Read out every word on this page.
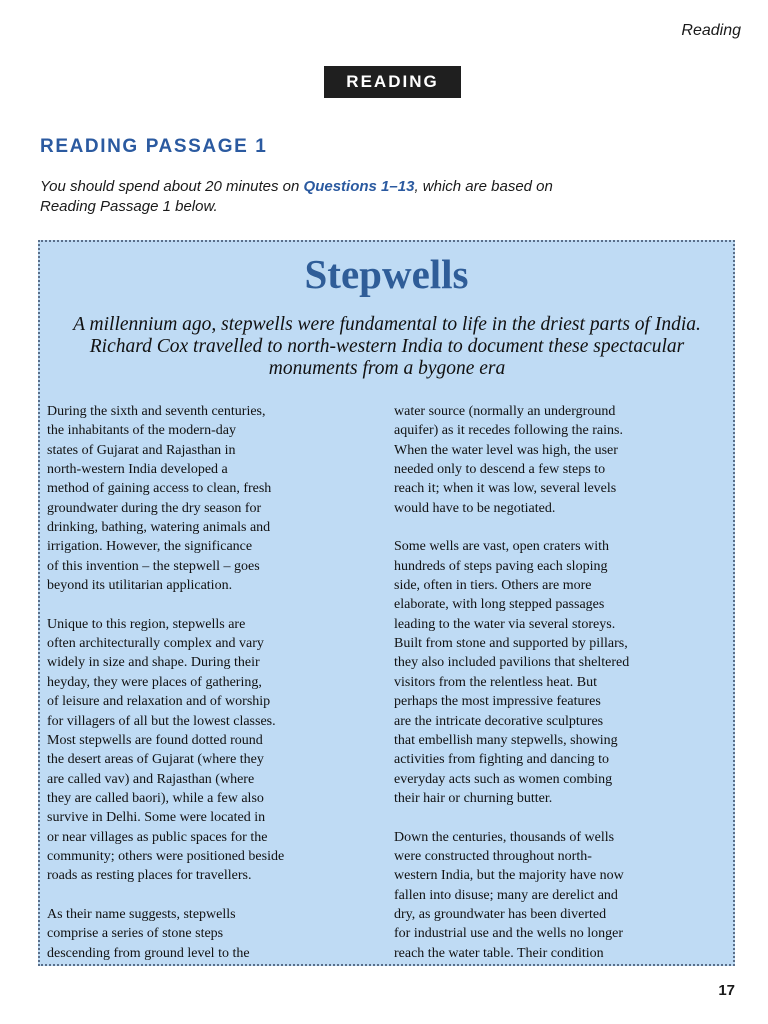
Reading
READING
READING PASSAGE 1
You should spend about 20 minutes on Questions 1–13, which are based on
Reading Passage 1 below.
Stepwells
A millennium ago, stepwells were fundamental to life in the driest parts of India. Richard Cox travelled to north-western India to document these spectacular monuments from a bygone era

During the sixth and seventh centuries,
the inhabitants of the modern-day
states of Gujarat and Rajasthan in
north-western India developed a
method of gaining access to clean, fresh
groundwater during the dry season for
drinking, bathing, watering animals and
irrigation. However, the significance
of this invention – the stepwell – goes
beyond its utilitarian application.

Unique to this region, stepwells are
often architecturally complex and vary
widely in size and shape. During their
heyday, they were places of gathering,
of leisure and relaxation and of worship
for villagers of all but the lowest classes.
Most stepwells are found dotted round
the desert areas of Gujarat (where they
are called vav) and Rajasthan (where
they are called baori), while a few also
survive in Delhi. Some were located in
or near villages as public spaces for the
community; others were positioned beside
roads as resting places for travellers.

As their name suggests, stepwells
comprise a series of stone steps
descending from ground level to the

water source (normally an underground
aquifer) as it recedes following the rains.
When the water level was high, the user
needed only to descend a few steps to
reach it; when it was low, several levels
would have to be negotiated.

Some wells are vast, open craters with
hundreds of steps paving each sloping
side, often in tiers. Others are more
elaborate, with long stepped passages
leading to the water via several storeys.
Built from stone and supported by pillars,
they also included pavilions that sheltered
visitors from the relentless heat. But
perhaps the most impressive features
are the intricate decorative sculptures
that embellish many stepwells, showing
activities from fighting and dancing to
everyday acts such as women combing
their hair or churning butter.

Down the centuries, thousands of wells
were constructed throughout north-
western India, but the majority have now
fallen into disuse; many are derelict and
dry, as groundwater has been diverted
for industrial use and the wells no longer
reach the water table. Their condition

17
